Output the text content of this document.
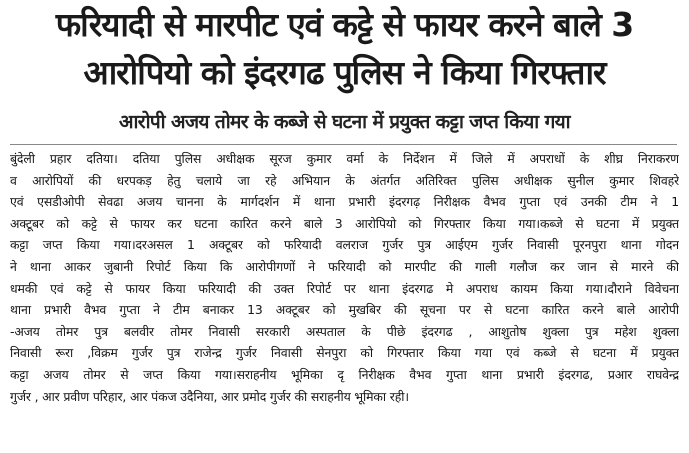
फरियादी से मारपीट एवं कट्टे से फायर करने बाले 3
आरोपियो को इंदरगढ पुलिस ने किया गिरफ्तार
आरोपी अजय तोमर के कब्जे से घटना में प्रयुक्त कट्टा जप्त किया गया
बुंदेली प्रहार दतिया। दतिया पुलिस अधीक्षक सूरज कुमार वर्मा के निर्देशन में जिले में अपराधों के शीघ्र निराकरण
व आरोपियों की धरपकड़ हेतु चलाये जा रहे अभियान के अंतर्गत अतिरिक्त पुलिस अधीक्षक सुनील कुमार शिवहरे
एवं एसडीओपी सेवढा अजय चानना के मार्गदर्शन में थाना प्रभारी इंदरगढ़ निरीक्षक वैभव गुप्ता एवं उनकी टीम ने 1
अक्टूबर को कट्टे से फायर कर घटना कारित करने बाले 3 आरोपियो को गिरफ्तार किया गया।कब्जे से घटना में प्रयुक्त
कट्टा जप्त किया गया।दरअसल 1 अक्टूबर को फरियादी वलराज गुर्जर पुत्र आईएम गुर्जर निवासी पूरनपुरा थाना गोदन
ने थाना आकर जुबानी रिपोर्ट किया कि आरोपीगणों ने फरियादी को मारपीट की गाली गलौज कर जान से मारने की
धमकी एवं कट्टे से फायर किया फरियादी की उक्त रिपोर्ट पर थाना इंदरगढ मे अपराध कायम किया गया।दौराने विवेचना
थाना प्रभारी वैभव गुप्ता ने टीम बनाकर 13 अक्टूबर को मुखबिर की सूचना पर से घटना कारित करने बाले आरोपी
-अजय तोमर पुत्र बलवीर तोमर निवासी सरकारी अस्पताल के पीछे इंदरगढ , आशुतोष शुक्ला पुत्र महेश शुक्ला
निवासी रूरा ,विक्रम गुर्जर पुत्र राजेन्द्र गुर्जर निवासी सेनपुरा को गिरफ्तार किया गया एवं कब्जे से घटना में प्रयुक्त
कट्टा अजय तोमर से जप्त किया गया।सराहनीय भूमिका दृ निरीक्षक वैभव गुप्ता थाना प्रभारी इंदरगढ, प्रआर राघवेन्द्र
गुर्जर , आर प्रवीण परिहार, आर पंकज उदैनिया, आर प्रमोद गुर्जर की सराहनीय भूमिका रही।
